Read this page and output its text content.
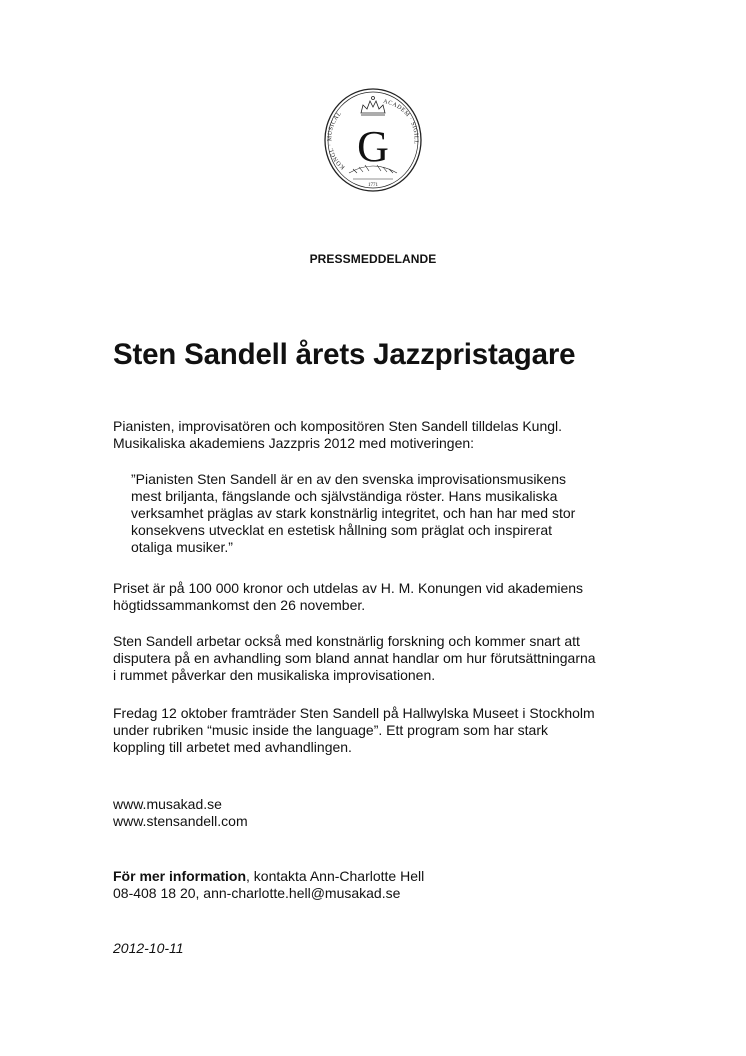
G
1771
KONGL · MUSICAL
ACADEM · SIGILL
PRESSMEDDELANDE
Sten Sandell årets Jazzpristagare
Pianisten, improvisatören och kompositören Sten Sandell tilldelas Kungl.
Musikaliska akademiens Jazzpris 2012 med motiveringen:
”Pianisten Sten Sandell är en av den svenska improvisationsmusikens
mest briljanta, fängslande och självständiga röster. Hans musikaliska
verksamhet präglas av stark konstnärlig integritet, och han har med stor
konsekvens utvecklat en estetisk hållning som präglat och inspirerat
otaliga musiker.”
Priset är på 100 000 kronor och utdelas av H. M. Konungen vid akademiens
högtidssammankomst den 26 november.
Sten Sandell arbetar också med konstnärlig forskning och kommer snart att
disputera på en avhandling som bland annat handlar om hur förutsättningarna
i rummet påverkar den musikaliska improvisationen.
Fredag 12 oktober framträder Sten Sandell på Hallwylska Museet i Stockholm
under rubriken “music inside the language”. Ett program som har stark
koppling till arbetet med avhandlingen.
www.musakad.se
www.stensandell.com
För mer information, kontakta Ann-Charlotte Hell
08-408 18 20, ann-charlotte.hell@musakad.se
2012-10-11
